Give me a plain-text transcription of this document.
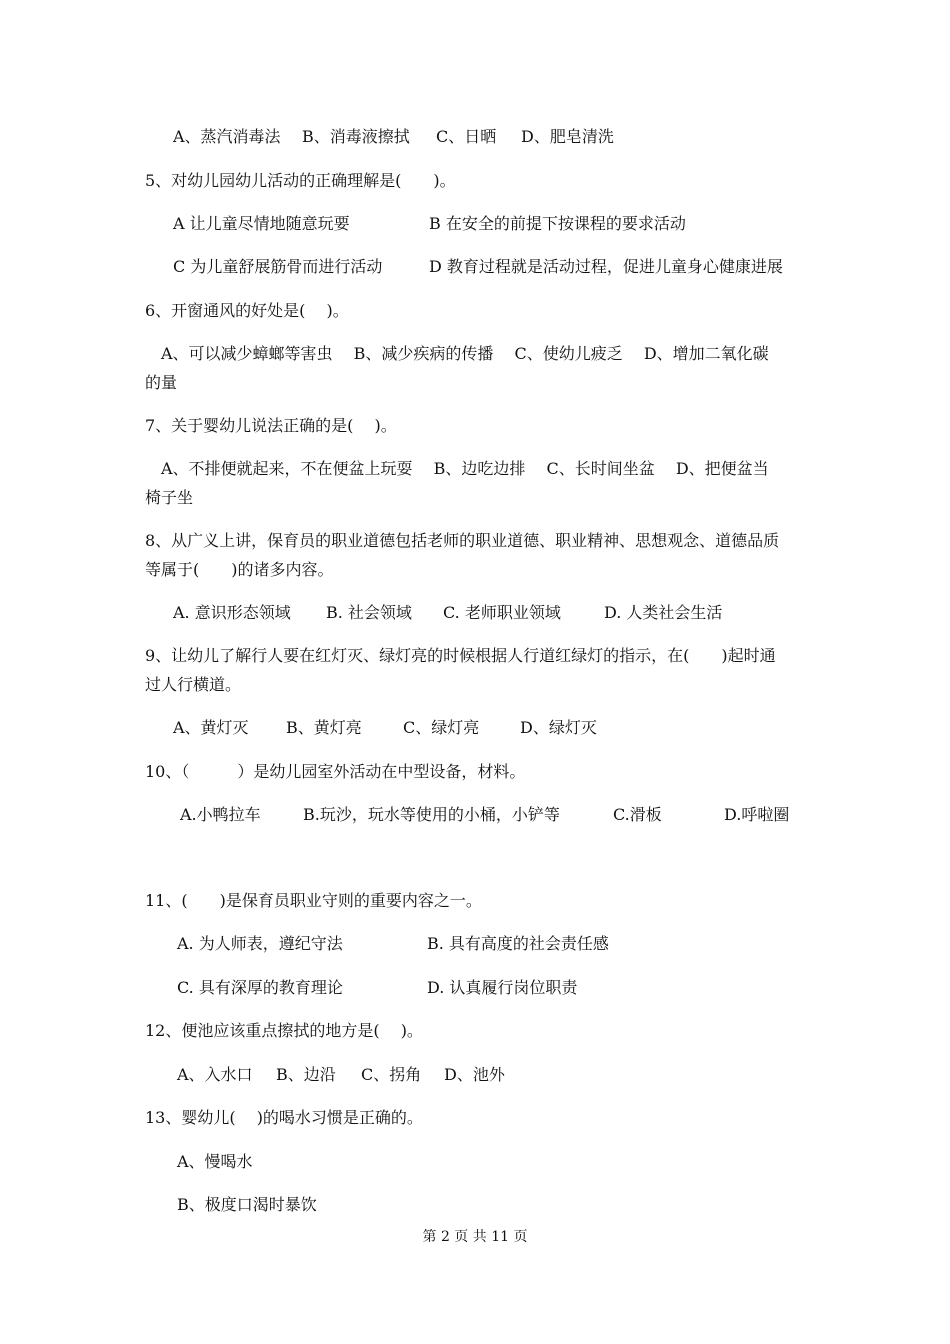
A、蒸汽消毒法 B、消毒液擦拭 C、日晒 D、肥皂清洗
5、对幼儿园幼儿活动的正确理解是(　　)。
A 让儿童尽情地随意玩要	B 在安全的前提下按课程的要求活动
C 为儿童舒展筋骨而进行活动	D 教育过程就是活动过程，促进儿童身心健康进展
6、开窗通风的好处是(　 )。
　A、可以减少蟑螂等害虫　 B、减少疾病的传播　 C、使幼儿疲乏　 D、增加二氧化碳
的量
7、关于婴幼儿说法正确的是(　 )。
　A、不排便就起来，不在便盆上玩耍　 B、边吃边排　 C、长时间坐盆　 D、把便盆当
椅子坐
8、从广义上讲，保育员的职业道德包括老师的职业道德、职业精神、思想观念、道德品质
等属于(　　)的诸多内容。
A. 意识形态领域 B. 社会领域 C. 老师职业领域	D. 人类社会生活
9、让幼儿了解行人要在红灯灭、绿灯亮的时候根据人行道红绿灯的指示，在(　　)起时通
过人行横道。
A、黄灯灭 B、黄灯亮	C、绿灯亮	D、绿灯灭
10、（　　　）是幼儿园室外活动在中型设备，材料。
A.小鸭拉车	B.玩沙，玩水等使用的小桶，小铲等	C.滑板	D.呼啦圈
11、(　　)是保育员职业守则的重要内容之一。
A. 为人师表，遵纪守法	B. 具有高度的社会责任感
C. 具有深厚的教育理论	D. 认真履行岗位职责
12、便池应该重点擦拭的地方是(　 )。
A、入水口 B、边沿 C、拐角 D、池外
13、婴幼儿(　 )的喝水习惯是正确的。
A、慢喝水
B、极度口渴时暴饮
第 2 页 共 11 页
